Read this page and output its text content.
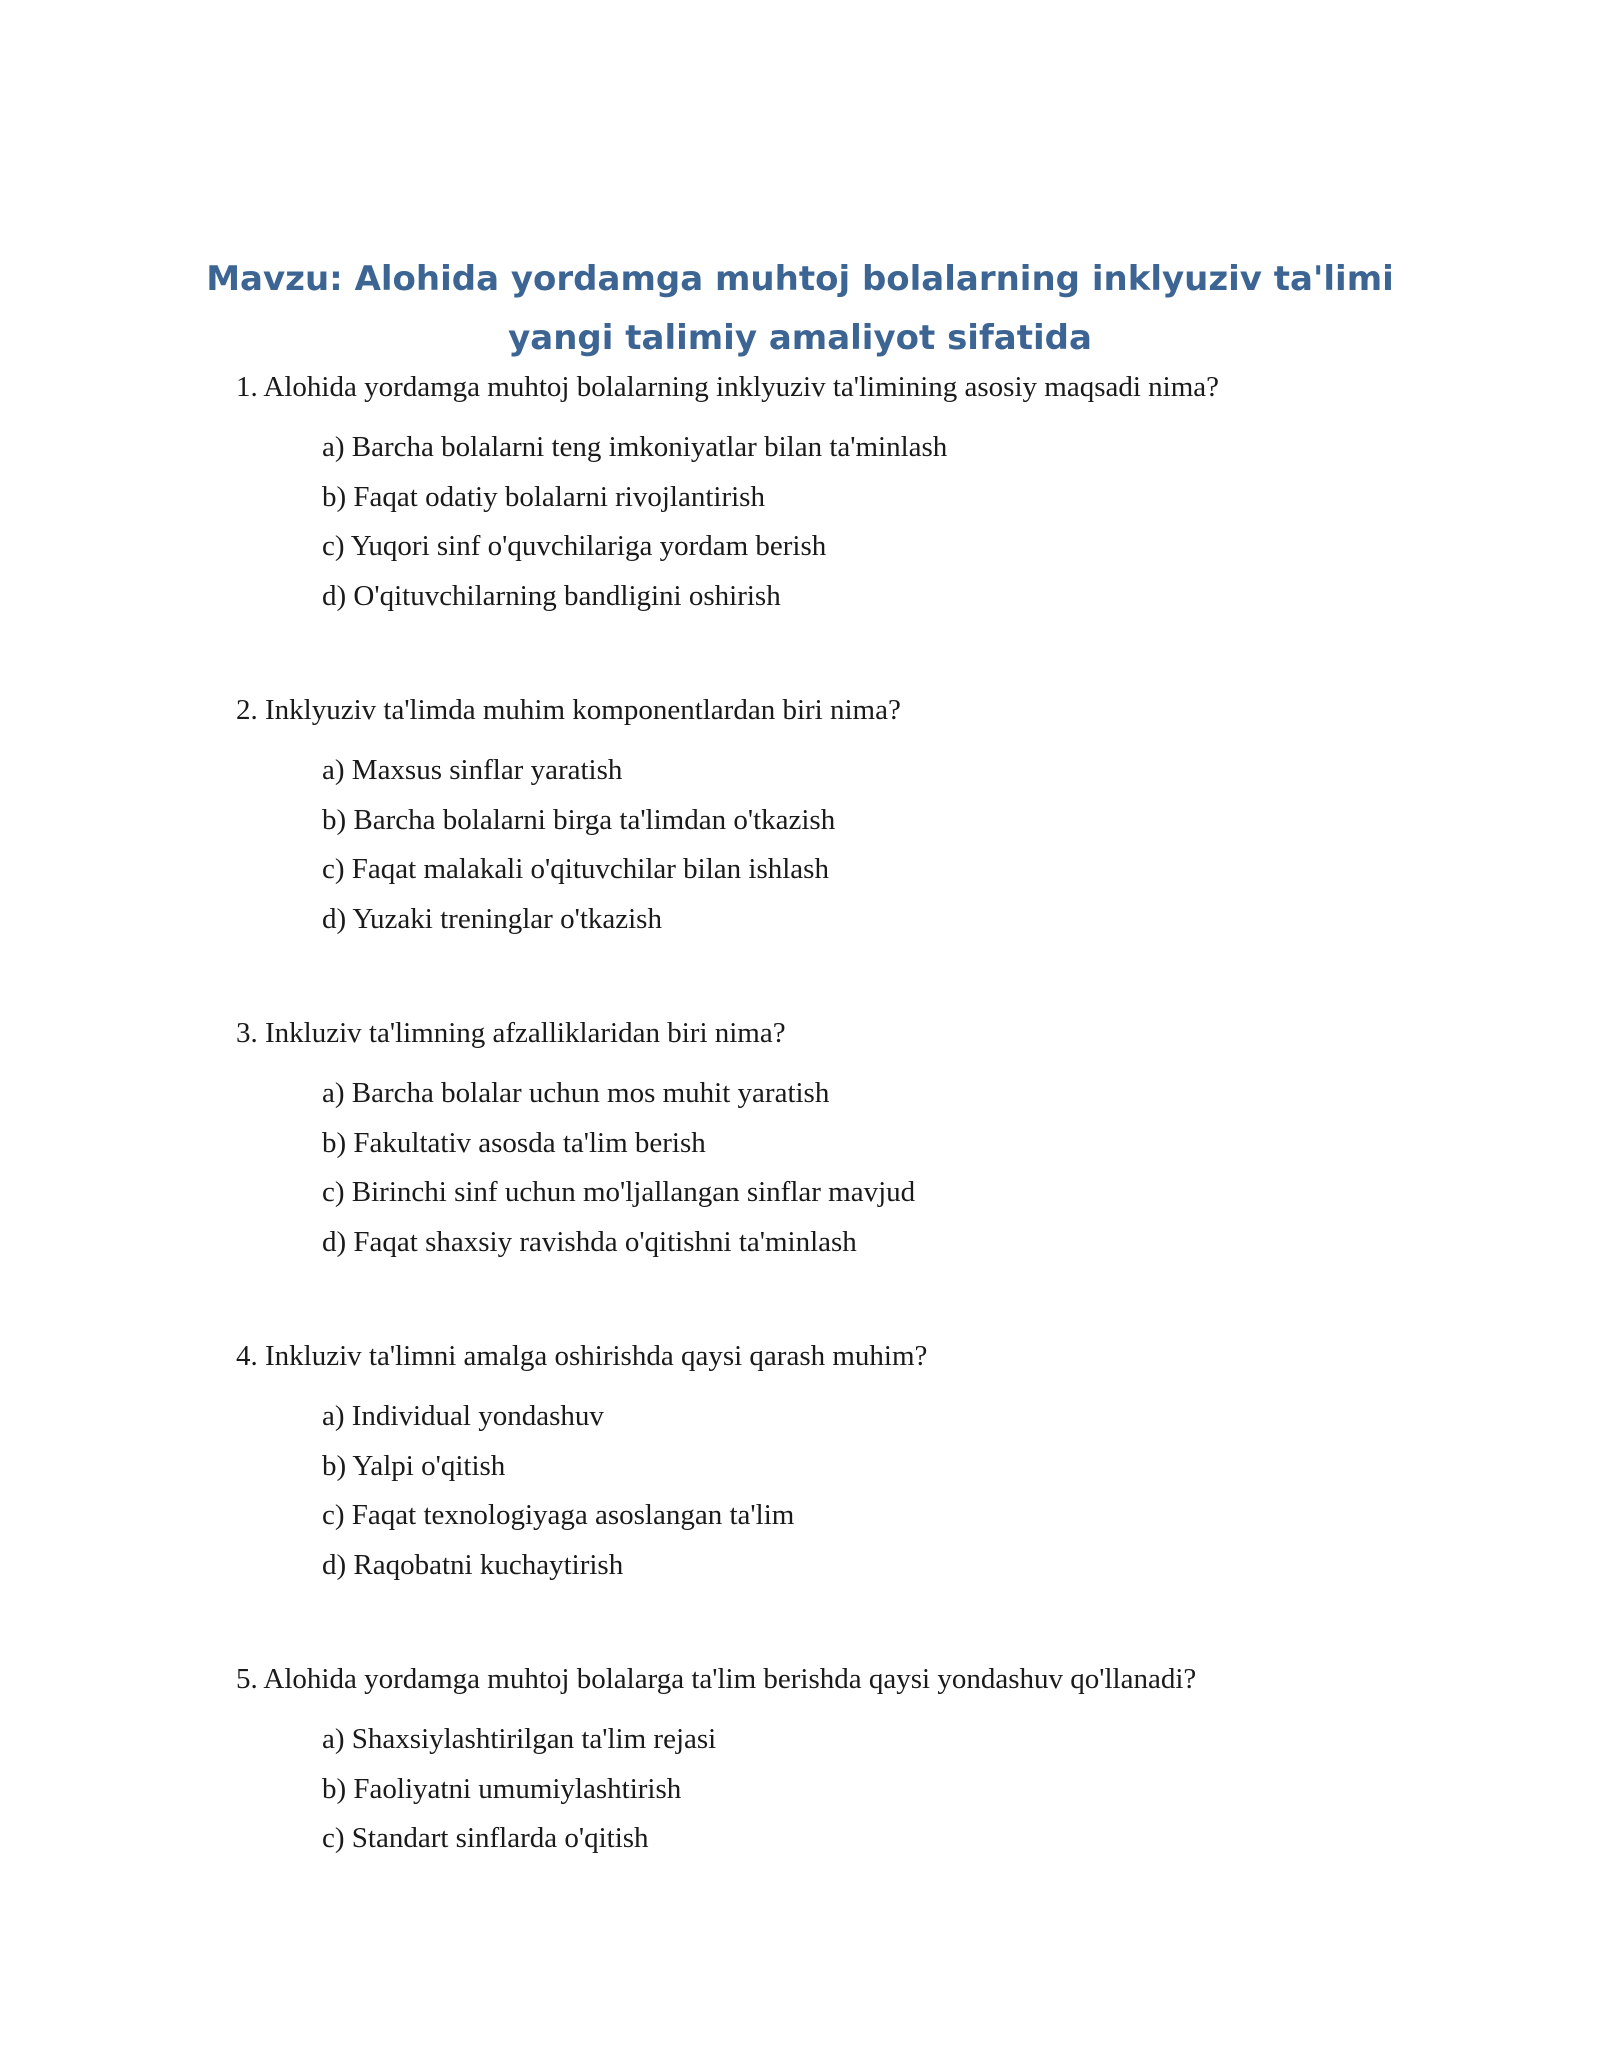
Mavzu: Alohida yordamga muhtoj bolalarning inklyuziv ta'limi
yangi talimiy amaliyot sifatida

1. Alohida yordamga muhtoj bolalarning inklyuziv ta'limining asosiy maqsadi nima?

a) Barcha bolalarni teng imkoniyatlar bilan ta'minlash
b) Faqat odatiy bolalarni rivojlantirish
c) Yuqori sinf o'quvchilariga yordam berish
d) O'qituvchilarning bandligini oshirish

2. Inklyuziv ta'limda muhim komponentlardan biri nima?

a) Maxsus sinflar yaratish
b) Barcha bolalarni birga ta'limdan o'tkazish
c) Faqat malakali o'qituvchilar bilan ishlash
d) Yuzaki treninglar o'tkazish

3. Inkluziv ta'limning afzalliklaridan biri nima?

a) Barcha bolalar uchun mos muhit yaratish
b) Fakultativ asosda ta'lim berish
c) Birinchi sinf uchun mo'ljallangan sinflar mavjud
d) Faqat shaxsiy ravishda o'qitishni ta'minlash

4. Inkluziv ta'limni amalga oshirishda qaysi qarash muhim?

a) Individual yondashuv
b) Yalpi o'qitish
c) Faqat texnologiyaga asoslangan ta'lim
d) Raqobatni kuchaytirish

5. Alohida yordamga muhtoj bolalarga ta'lim berishda qaysi yondashuv qo'llanadi?

a) Shaxsiylashtirilgan ta'lim rejasi
b) Faoliyatni umumiylashtirish
c) Standart sinflarda o'qitish
